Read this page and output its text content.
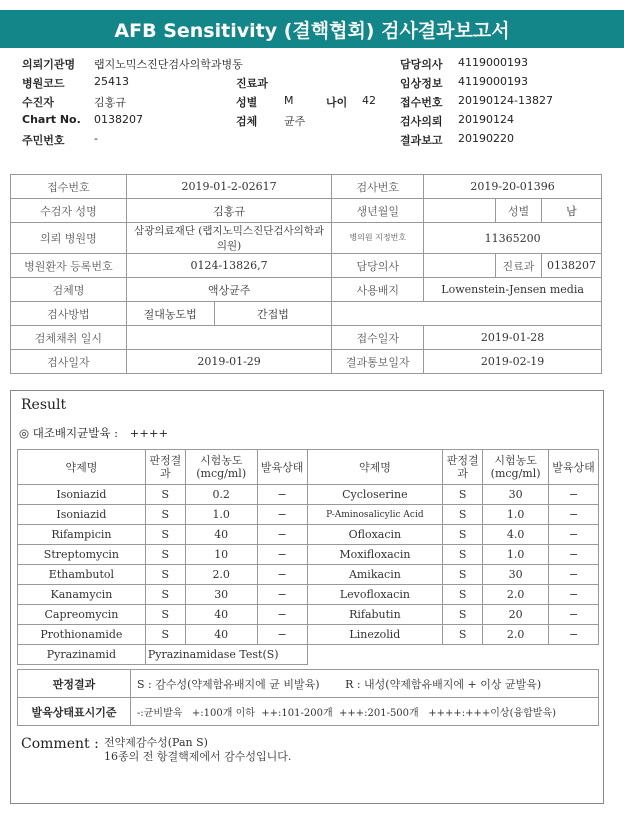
AFB Sensitivity (결핵협회) 검사결과보고서
의뢰기관명 랩지노믹스진단검사의학과병동	담당의사 4119000193
병원코드	25413	진료과	임상정보 4119000193
수진자	김홍규	성별 M	나이 42 접수번호 20190124-13827
Chart No. 0138207	검체 균주	검사의뢰 20190124
주민번호	-	결과보고 20190220
접수번호	2019-01-2-02617		검사번호	2019-20-01396		
수검자 성명	김홍규		생년월일		성별	남
의뢰 병원명	삼광의료재단 (랩지노믹스진단검사의학과의원)		병의원 지정번호	11365200		
병원환자 등록번호	0124-13826,7		담당의사		진료과	0138207
검체명	액상균주		사용배지	Lowenstein-Jensen media		
검사방법	절대농도법	간접법				
검체채취 일시			접수일자	2019-01-28		
검사일자	2019-01-29		결과통보일자	2019-02-19		
Result
◎ 대조배지균발육 : ++++
약제명	판정결과	시험농도(mcg/ml)	발육상태	약제명	판정결과	시험농도(mcg/ml)	발육상태
Isoniazid	S	0.2	−	Cycloserine	S	30	−
Isoniazid	S	1.0	−	P-Aminosalicylic Acid	S	1.0	−
Rifampicin	S	40	−	Ofloxacin	S	4.0	−
Streptomycin	S	10	−	Moxifloxacin	S	1.0	−
Ethambutol	S	2.0	−	Amikacin	S	30	−
Kanamycin	S	30	−	Levofloxacin	S	2.0	−
Capreomycin	S	40	−	Rifabutin	S	20	−
Prothionamide	S	40	−	Linezolid	S	2.0	−
Pyrazinamid	Pyrazinamidase Test(S)						
판정결과	S : 감수성(약제함유배지에 균 비발육) R : 내성(약제함유배지에 + 이상 균발육)
발육상태표시기준	-:균비발육   +:100개 이하  ++:101-200개  +++:201-500개   ++++:+++이상(융합발육)
Comment : 전약제감수성(Pan S)
16종의 전 항결핵제에서 감수성입니다.
